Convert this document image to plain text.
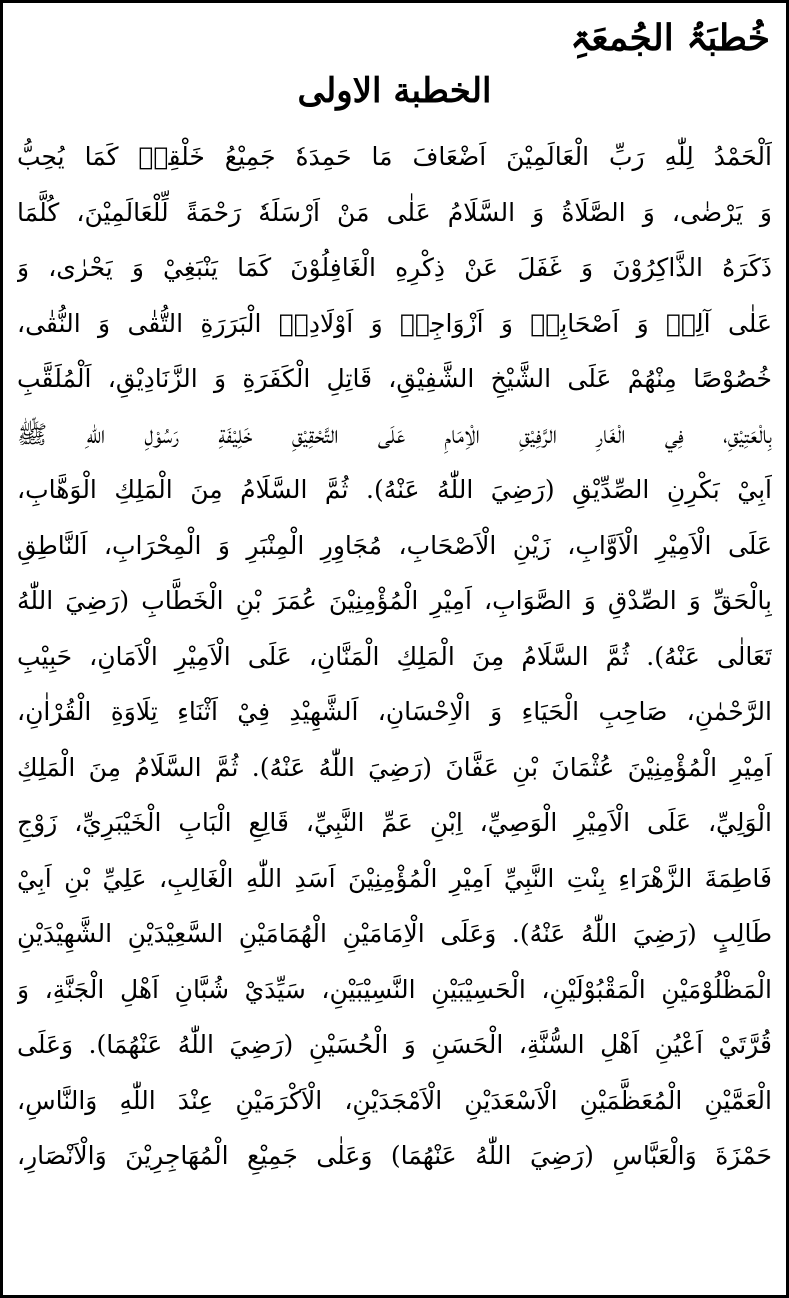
خُطبَۃُ الجُمعَۃِ
الخطبة الاولى
اَلْحَمْدُ لِلّٰهِ رَبِّ الْعَالَمِيْنَ اَضْعَافَ مَا حَمِدَهٗ جَمِيْعُ خَلْقِهٖ كَمَا يُحِبُّ
وَ يَرْضٰى، وَ الصَّلَاةُ وَ السَّلَامُ عَلٰى مَنْ اَرْسَلَهٗ رَحْمَةً لِّلْعَالَمِيْنَ، كُلَّمَا
ذَكَرَهُ الذَّاكِرُوْنَ وَ غَفَلَ عَنْ ذِكْرِهِ الْغَافِلُوْنَ كَمَا يَنْبَغِيْ وَ يَحْرٰى، وَ
عَلٰى آلِهٖ وَ اَصْحَابِهٖ وَ اَزْوَاجِهٖ وَ اَوْلَادِهٖ الْبَرَرَةِ التُّقٰى وَ النُّقٰى،
خُصُوْصًا مِنْهُمْ عَلَى الشَّيْخِ الشَّفِيْقِ، قَاتِلِ الْكَفَرَةِ وَ الزَّنَادِيْقِ، اَلْمُلَقَّبِ
بِالْعَتِيْقِ، فِي الْغَارِ الرَّفِيْقِ الْاِمَامِ عَلَى التَّحْقِيْقِ خَلِيْفَةِ رَسُوْلِ اللّٰهِ ﷺ
اَبِيْ بَكْرِنِ الصِّدِّيْقِ (رَضِيَ اللّٰهُ عَنْهُ). ثُمَّ السَّلَامُ مِنَ الْمَلِكِ الْوَهَّابِ،
عَلَى الْاَمِيْرِ الْاَوَّابِ، زَيْنِ الْاَصْحَابِ، مُجَاوِرِ الْمِنْبَرِ وَ الْمِحْرَابِ، اَلنَّاطِقِ
بِالْحَقِّ وَ الصِّدْقِ وَ الصَّوَابِ، اَمِيْرِ الْمُؤْمِنِيْنَ عُمَرَ بْنِ الْخَطَّابِ (رَضِيَ اللّٰهُ
تَعَالٰى عَنْهُ). ثُمَّ السَّلَامُ مِنَ الْمَلِكِ الْمَنَّانِ، عَلَى الْاَمِيْرِ الْاَمَانِ، حَبِيْبِ
الرَّحْمٰنِ، صَاحِبِ الْحَيَاءِ وَ الْاِحْسَانِ، اَلشَّهِيْدِ فِيْ اَثْنَاءِ تِلَاوَةِ الْقُرْاٰنِ،
اَمِيْرِ الْمُؤْمِنِيْنَ عُثْمَانَ بْنِ عَفَّانَ (رَضِيَ اللّٰهُ عَنْهُ). ثُمَّ السَّلَامُ مِنَ الْمَلِكِ
الْوَلِيِّ، عَلَى الْاَمِيْرِ الْوَصِيِّ، اِبْنِ عَمِّ النَّبِيِّ، قَالِعِ الْبَابِ الْخَيْبَرِيِّ، زَوْجِ
فَاطِمَةَ الزَّهْرَاءِ بِنْتِ النَّبِيِّ اَمِيْرِ الْمُؤْمِنِيْنَ اَسَدِ اللّٰهِ الْغَالِبِ، عَلِيِّ بْنِ اَبِيْ
طَالِبٍ (رَضِيَ اللّٰهُ عَنْهُ). وَعَلَى الْاِمَامَيْنِ الْهُمَامَيْنِ السَّعِيْدَيْنِ الشَّهِيْدَيْنِ
الْمَظْلُوْمَيْنِ الْمَقْبُوْلَيْنِ، الْحَسِيْبَيْنِ النَّسِيْبَيْنِ، سَيِّدَيْ شُبَّانِ اَهْلِ الْجَنَّةِ، وَ
قُرَّتَيْ اَعْيُنِ اَهْلِ السُّنَّةِ، الْحَسَنِ وَ الْحُسَيْنِ (رَضِيَ اللّٰهُ عَنْهُمَا). وَعَلَى
الْعَمَّيْنِ الْمُعَظَّمَيْنِ الْاَسْعَدَيْنِ الْاَمْجَدَيْنِ، الْاَكْرَمَيْنِ عِنْدَ اللّٰهِ وَالنَّاسِ،
حَمْزَةَ وَالْعَبَّاسِ (رَضِيَ اللّٰهُ عَنْهُمَا) وَعَلٰى جَمِيْعِ الْمُهَاجِرِيْنَ وَالْاَنْصَارِ،
